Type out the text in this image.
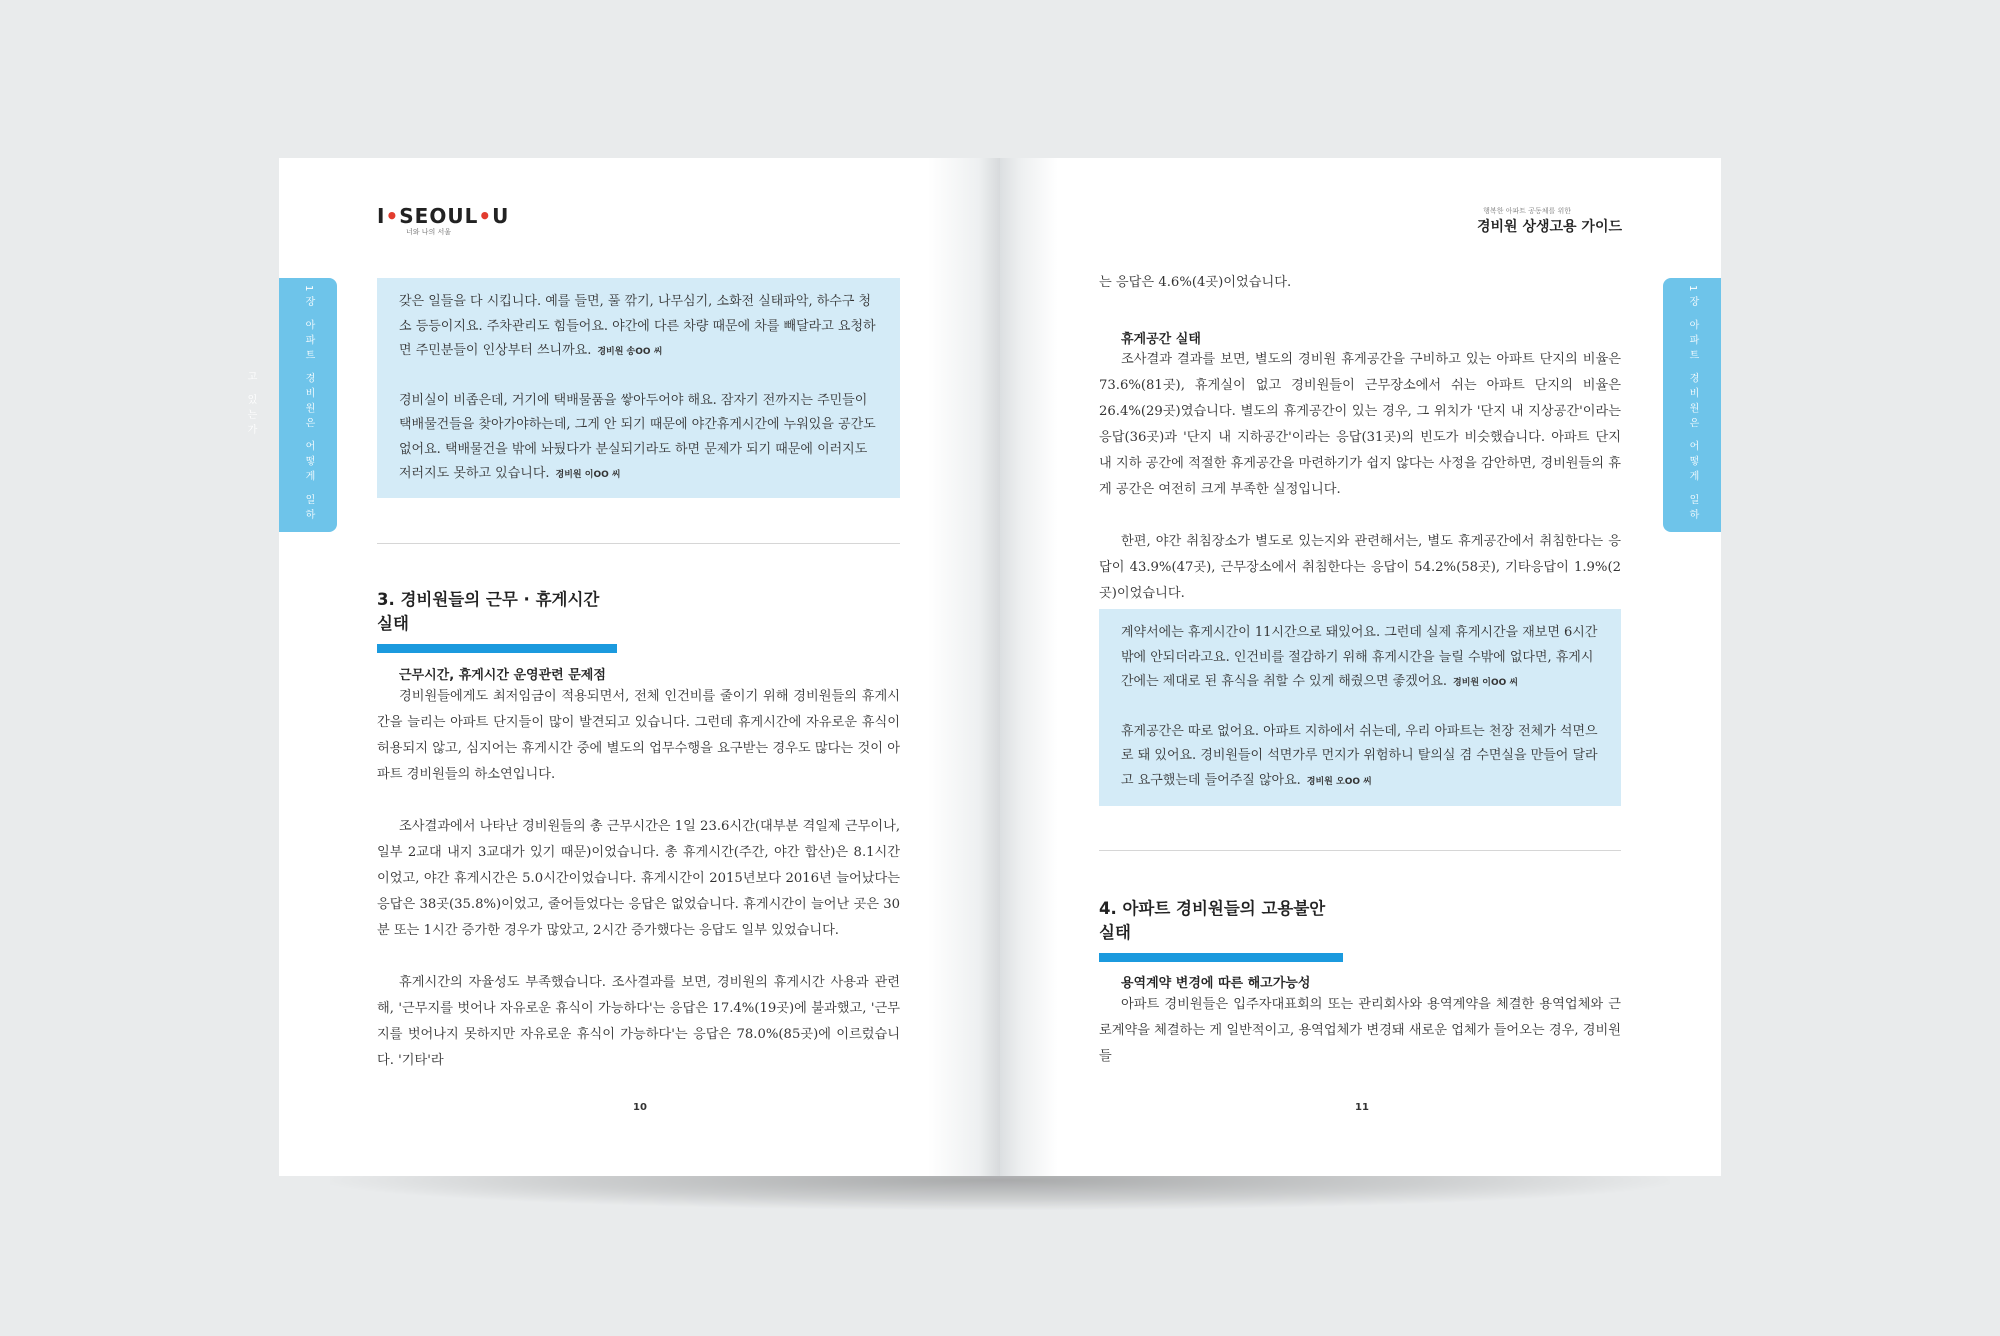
I•SEOUL•U
너와 나의 서울
1장 아파트 경비원은 어떻게 일하고 있는가

갖은 일들을 다 시킵니다. 예를 들면, 풀 깎기, 나무심기, 소화전 실태파악, 하수구 청소 등등이지요. 주차관리도 힘들어요. 야간에 다른 차량 때문에 차를 빼달라고 요청하면 주민분들이 인상부터 쓰니까요. 경비원 송OO 씨

경비실이 비좁은데, 거기에 택배물품을 쌓아두어야 해요. 잠자기 전까지는 주민들이 택배물건들을 찾아가야하는데, 그게 안 되기 때문에 야간휴게시간에 누워있을 공간도 없어요. 택배물건을 밖에 놔뒀다가 분실되기라도 하면 문제가 되기 때문에 이러지도 저러지도 못하고 있습니다. 경비원 이OO 씨

3. 경비원들의 근무 · 휴게시간 실태
근무시간, 휴게시간 운영관련 문제점

경비원들에게도 최저임금이 적용되면서, 전체 인건비를 줄이기 위해 경비원들의 휴게시간을 늘리는 아파트 단지들이 많이 발견되고 있습니다. 그런데 휴게시간에 자유로운 휴식이 허용되지 않고, 심지어는 휴게시간 중에 별도의 업무수행을 요구받는 경우도 많다는 것이 아파트 경비원들의 하소연입니다.

조사결과에서 나타난 경비원들의 총 근무시간은 1일 23.6시간(대부분 격일제 근무이나, 일부 2교대 내지 3교대가 있기 때문)이었습니다. 총 휴게시간(주간, 야간 합산)은 8.1시간이었고, 야간 휴게시간은 5.0시간이었습니다. 휴게시간이 2015년보다 2016년 늘어났다는 응답은 38곳(35.8%)이었고, 줄어들었다는 응답은 없었습니다. 휴게시간이 늘어난 곳은 30분 또는 1시간 증가한 경우가 많았고, 2시간 증가했다는 응답도 일부 있었습니다.

휴게시간의 자율성도 부족했습니다. 조사결과를 보면, 경비원의 휴게시간 사용과 관련해, '근무지를 벗어나 자유로운 휴식이 가능하다'는 응답은 17.4%(19곳)에 불과했고, '근무지를 벗어나지 못하지만 자유로운 휴식이 가능하다'는 응답은 78.0%(85곳)에 이르렀습니다. '기타'라

10
행복한 아파트 공동체를 위한
경비원 상생고용 가이드
1장 아파트 경비원은 어떻게 일하고 있는가

는 응답은 4.6%(4곳)이었습니다.

휴게공간 실태

조사결과 결과를 보면, 별도의 경비원 휴게공간을 구비하고 있는 아파트 단지의 비율은 73.6%(81곳), 휴게실이 없고 경비원들이 근무장소에서 쉬는 아파트 단지의 비율은 26.4%(29곳)였습니다. 별도의 휴게공간이 있는 경우, 그 위치가 '단지 내 지상공간'이라는 응답(36곳)과 '단지 내 지하공간'이라는 응답(31곳)의 빈도가 비슷했습니다. 아파트 단지 내 지하 공간에 적절한 휴게공간을 마련하기가 쉽지 않다는 사정을 감안하면, 경비원들의 휴게 공간은 여전히 크게 부족한 실정입니다.

한편, 야간 취침장소가 별도로 있는지와 관련해서는, 별도 휴게공간에서 취침한다는 응답이 43.9%(47곳), 근무장소에서 취침한다는 응답이 54.2%(58곳), 기타응답이 1.9%(2곳)이었습니다.

계약서에는 휴게시간이 11시간으로 돼있어요. 그런데 실제 휴게시간을 재보면 6시간밖에 안되더라고요. 인건비를 절감하기 위해 휴게시간을 늘릴 수밖에 없다면, 휴게시간에는 제대로 된 휴식을 취할 수 있게 해줬으면 좋겠어요. 경비원 이OO 씨

휴게공간은 따로 없어요. 아파트 지하에서 쉬는데, 우리 아파트는 천장 전체가 석면으로 돼 있어요. 경비원들이 석면가루 먼지가 위험하니 탈의실 겸 수면실을 만들어 달라고 요구했는데 들어주질 않아요. 경비원 오OO 씨

4. 아파트 경비원들의 고용불안 실태
용역계약 변경에 따른 해고가능성

아파트 경비원들은 입주자대표회의 또는 관리회사와 용역계약을 체결한 용역업체와 근로계약을 체결하는 게 일반적이고, 용역업체가 변경돼 새로운 업체가 들어오는 경우, 경비원들

11
